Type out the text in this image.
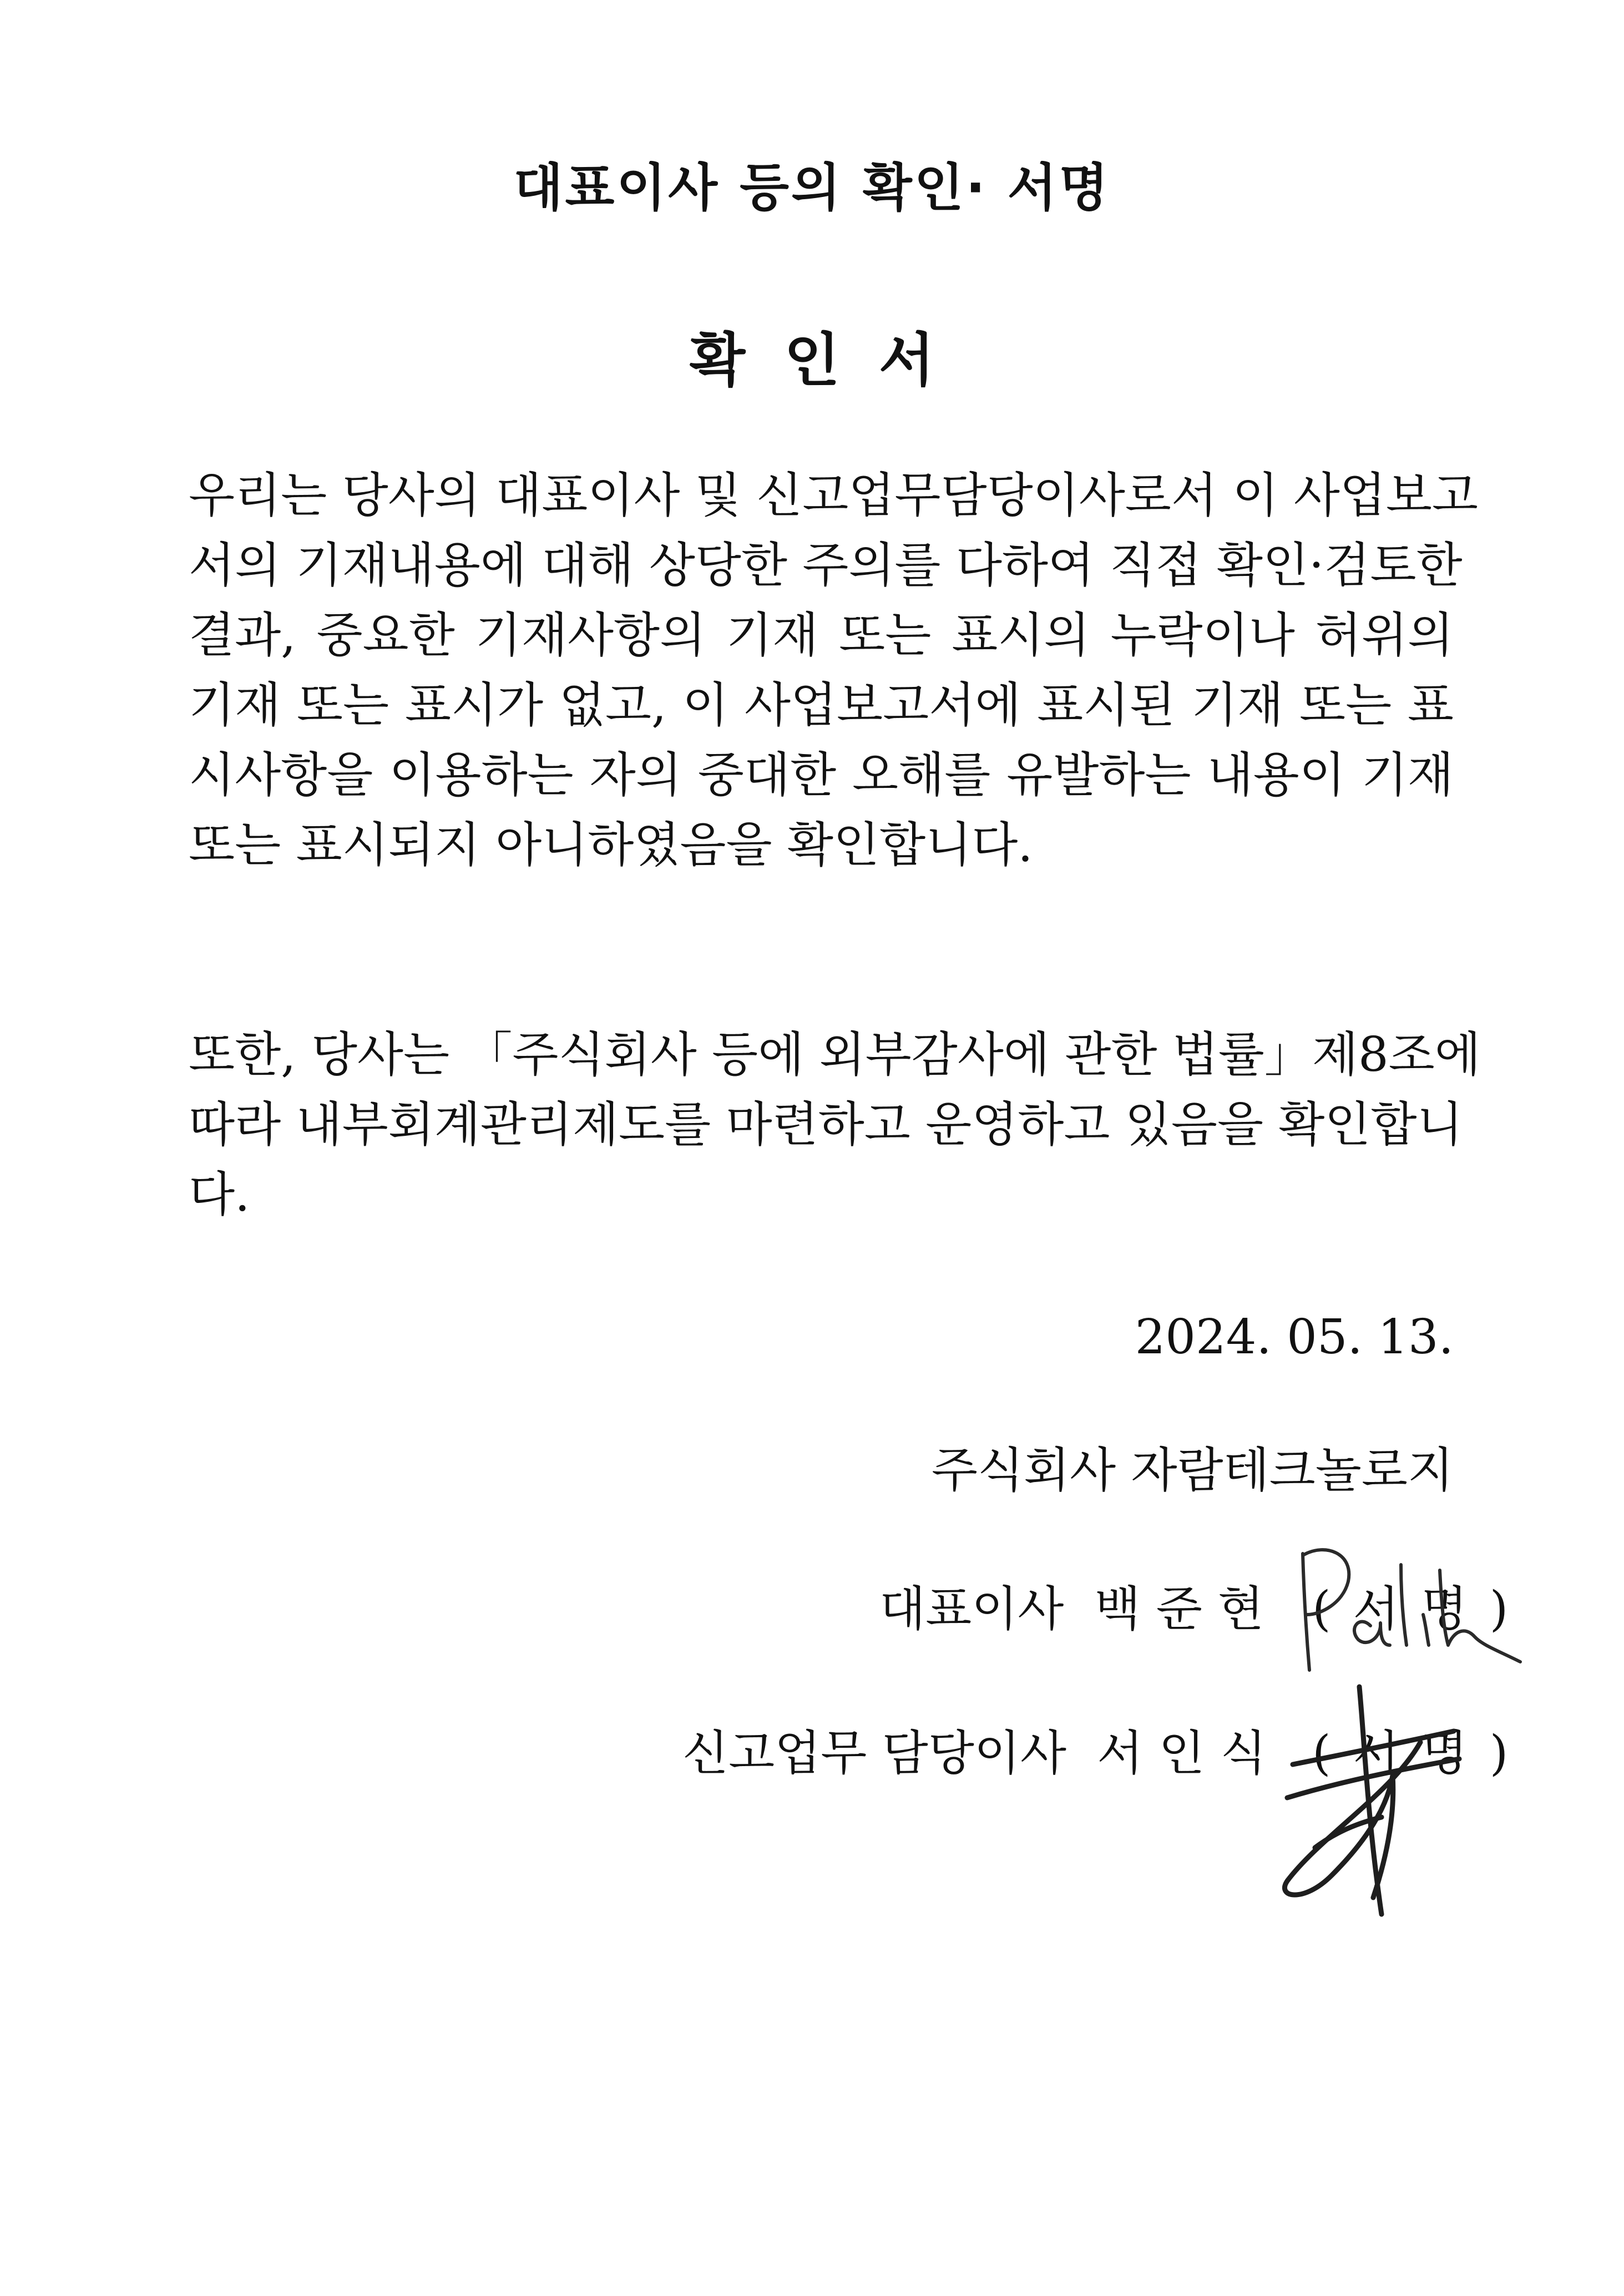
대표이사 등의 확인· 서명
확인서
우리는 당사의 대표이사 및 신고업무담당이사로서 이 사업보고
서의 기재내용에 대해 상당한 주의를 다하여 직접 확인·검토한
결과, 중요한 기재사항의 기재 또는 표시의 누락이나 허위의
기재 또는 표시가 없고, 이 사업보고서에 표시된 기재 또는 표
시사항을 이용하는 자의 중대한 오해를 유발하는 내용이 기재
또는 표시되지 아니하였음을 확인합니다.
또한, 당사는 「주식회사 등에 외부감사에 관한 법률」제8조에
따라 내부회계관리제도를 마련하고 운영하고 있음을 확인합니
다.
2024. 05. 13.
주식회사 자람테크놀로지
대표이사 백준현 (서명)
신고업무 담당이사 서인식 (서명)
